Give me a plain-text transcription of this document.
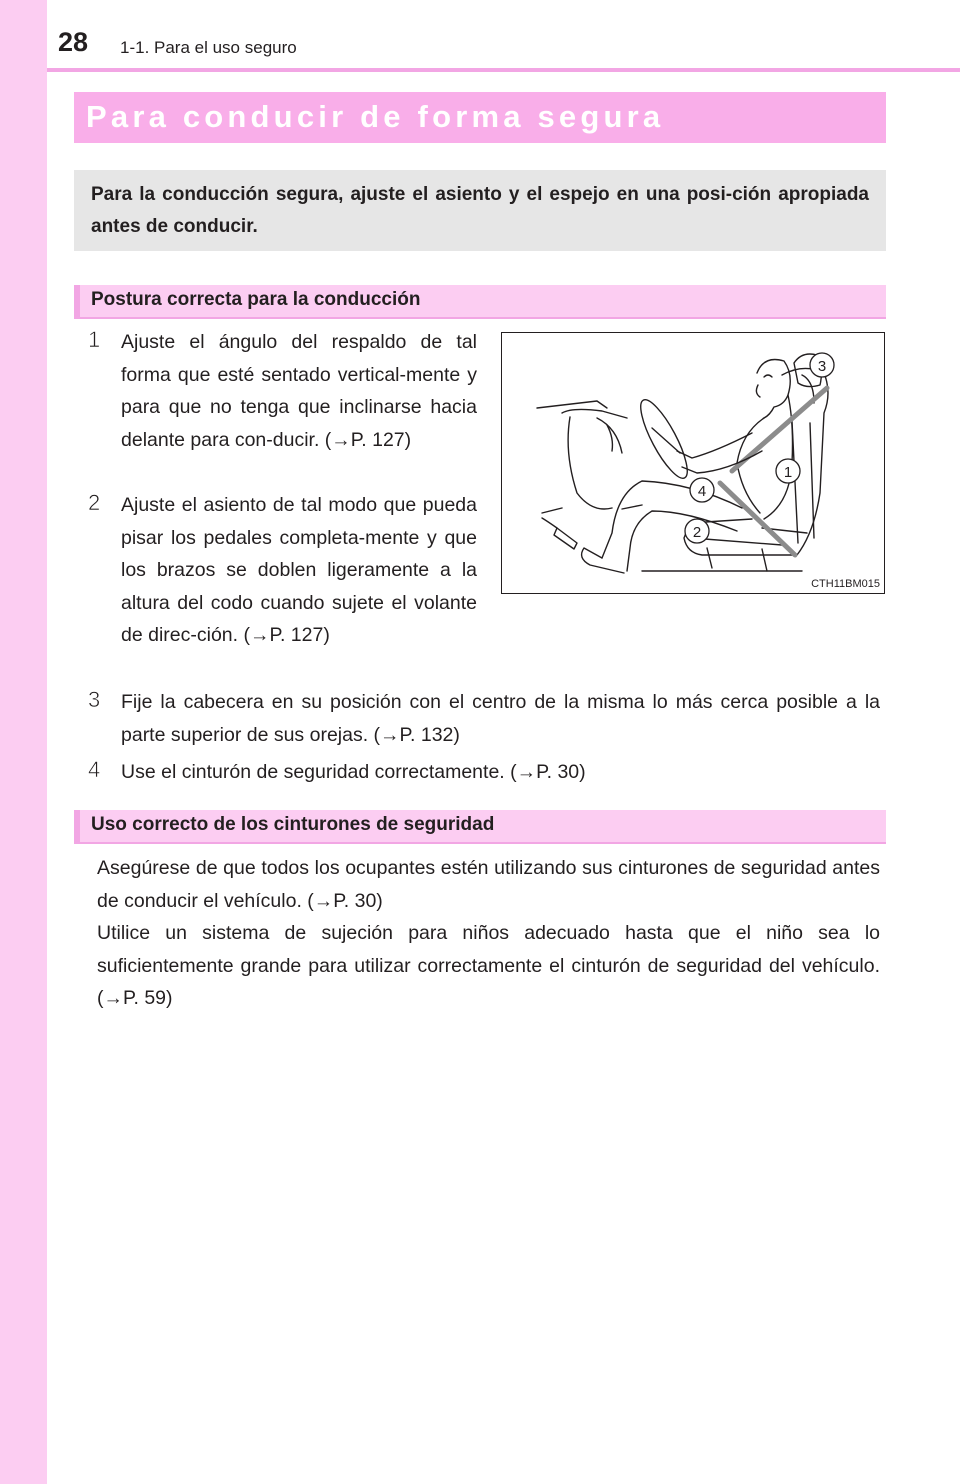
28 1-1. Para el uso seguro
Para conducir de forma segura
Para la conducción segura, ajuste el asiento y el espejo en una posi-ción apropiada antes de conducir.
Postura correcta para la conducción
1 Ajuste el ángulo del respaldo de tal forma que esté sentado vertical-mente y para que no tenga que inclinarse hacia delante para con-ducir. (→P. 127)
2 Ajuste el asiento de tal modo que pueda pisar los pedales completa-mente y que los brazos se doblen ligeramente a la altura del codo cuando sujete el volante de direc-ción. (→P. 127)
3 Fije la cabecera en su posición con el centro de la misma lo más cerca posible a la parte superior de sus orejas. (→P. 132)
4 Use el cinturón de seguridad correctamente. (→P. 30)
3
1
4
2
CTH11BM015
Uso correcto de los cinturones de seguridad

Asegúrese de que todos los ocupantes estén utilizando sus cinturones de seguridad antes de conducir el vehículo. (→P. 30)

Utilice un sistema de sujeción para niños adecuado hasta que el niño sea lo suficientemente grande para utilizar correctamente el cinturón de seguridad del vehículo. (→P. 59)
